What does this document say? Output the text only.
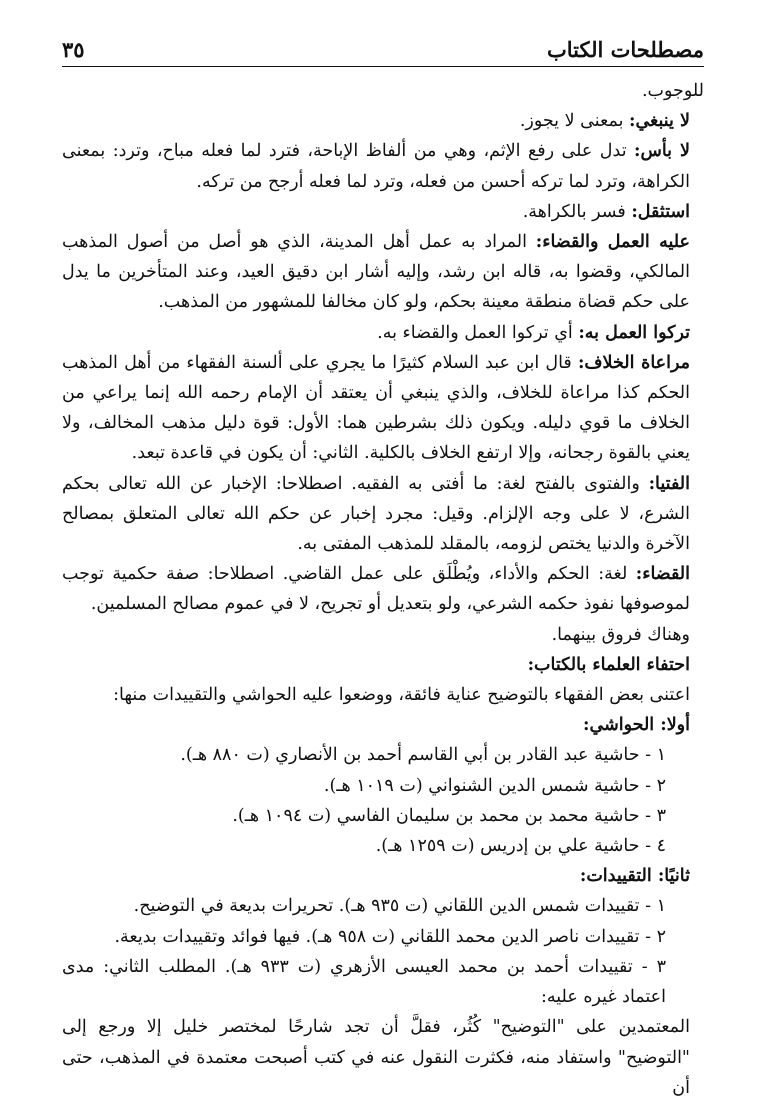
٣٥	مصطلحات الكتاب

للوجوب.

لا ينبغي: بمعنى لا يجوز.

لا بأس: تدل على رفع الإثم، وهي من ألفاظ الإباحة، فترد لما فعله مباح، وترد: بمعنى الكراهة، وترد لما تركه أحسن من فعله، وترد لما فعله أرجح من تركه.

استثقل: فسر بالكراهة.

عليه العمل والقضاء: المراد به عمل أهل المدينة، الذي هو أصل من أصول المذهب المالكي، وقضوا به، قاله ابن رشد، وإليه أشار ابن دقيق العيد، وعند المتأخرين ما يدل على حكم قضاة منطقة معينة بحكم، ولو كان مخالفا للمشهور من المذهب.

تركوا العمل به: أي تركوا العمل والقضاء به.

مراعاة الخلاف: قال ابن عبد السلام كثيرًا ما يجري على ألسنة الفقهاء من أهل المذهب الحكم كذا مراعاة للخلاف، والذي ينبغي أن يعتقد أن الإمام رحمه الله إنما يراعي من الخلاف ما قوي دليله. ويكون ذلك بشرطين هما: الأول: قوة دليل مذهب المخالف، ولا يعني بالقوة رجحانه، وإلا ارتفع الخلاف بالكلية. الثاني: أن يكون في قاعدة تبعد.

الفتيا: والفتوى بالفتح لغة: ما أفتى به الفقيه. اصطلاحا: الإخبار عن الله تعالى بحكم الشرع، لا على وجه الإلزام. وقيل: مجرد إخبار عن حكم الله تعالى المتعلق بمصالح الآخرة والدنيا يختص لزومه، بالمقلد للمذهب المفتى به.

القضاء: لغة: الحكم والأداء، ويُطْلَق على عمل القاضي. اصطلاحا: صفة حكمية توجب لموصوفها نفوذ حكمه الشرعي، ولو بتعديل أو تجريح، لا في عموم مصالح المسلمين.

وهناك فروق بينهما.

احتفاء العلماء بالكتاب:

اعتنى بعض الفقهاء بالتوضيح عناية فائقة، ووضعوا عليه الحواشي والتقييدات منها:

أولا: الحواشي:

١ - حاشية عبد القادر بن أبي القاسم أحمد بن الأنصاري (ت ٨٨٠ هـ).

٢ - حاشية شمس الدين الشنواني (ت ١٠١٩ هـ).

٣ - حاشية محمد بن محمد بن سليمان الفاسي (ت ١٠٩٤ هـ).

٤ - حاشية علي بن إدريس (ت ١٢٥٩ هـ).

ثانيًا: التقييدات:

١ - تقييدات شمس الدين اللقاني (ت ٩٣٥ هـ). تحريرات بديعة في التوضيح.

٢ - تقييدات ناصر الدين محمد اللقاني (ت ٩٥٨ هـ). فيها فوائد وتقييدات بديعة.

٣ - تقييدات أحمد بن محمد العيسى الأزهري (ت ٩٣٣ هـ). المطلب الثاني: مدى اعتماد غيره عليه:

المعتمدين على "التوضيح" كُثُر، فقلَّ أن تجد شارحًا لمختصر خليل إلا ورجع إلى "التوضيح" واستفاد منه، فكثرت النقول عنه في كتب أصبحت معتمدة في المذهب، حتى أن
